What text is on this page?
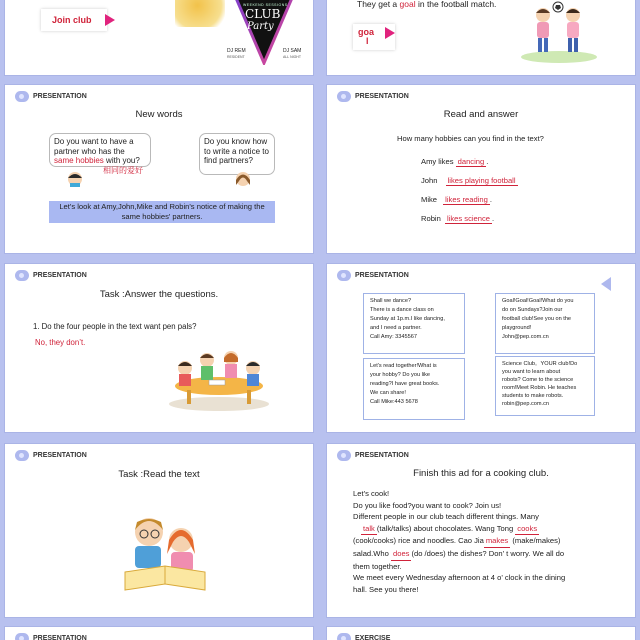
Join club
WEEKEND SESSIONS
CLUB
Party
DJ REM
RESIDENT
DJ SAM
ALL NIGHT
They get a goal in the football match.
goa
l
PRESENTATION
New words
Do you want to have a partner who has the same hobbies with you?
相同的爱好
Do you know how to write a notice to find partners?
Let's look at Amy,John,Mike and Robin's notice of making the same hobbies' partners.
PRESENTATION
Read and answer
How many hobbies can you find in the text?
Amy likes dancing .
John likes playing football
Mike likes reading .
Robin likes science .
PRESENTATION
Task :Answer the questions.
1. Do the four people in the text want pen pals?
No, they don’t.
PRESENTATION
Shall we dance?
There is a dance class on
Sunday at 1p.m.I like dancing,
and I need a partner.
Call Amy: 3345567
Goal!Goal!Goal!What do you
do on Sundays?Join our
football club!See you on the
playground!
John@pep.com.cn
Let's read together!What is
your hobby? Do you like
reading?I have great books.
We can share!
Call Mike:443 5678
Science Club。YOUR club!Do
you want to learn about
robots? Come to the science
room!Meet Robin. He teaches
students to make robots.
robin@pep.com.cn
PRESENTATION
Task :Read the text
PRESENTATION
Finish this ad for a cooking club.
Let’s cook!
Do you like food?you want to cook? Join us!
Different people in our club teach different things. Many
talk (talk/talks) about chocolates. Wang Tong cooks
(cook/cooks) rice and noodles. Cao Jia makes (make/makes)
salad.Who does (do /does) the dishes? Don’ t worry. We all do
them together.
We meet every Wednesday afternoon at 4 o’ clock in the dining
hall. See you there!
PRESENTATION	EXERCISE
